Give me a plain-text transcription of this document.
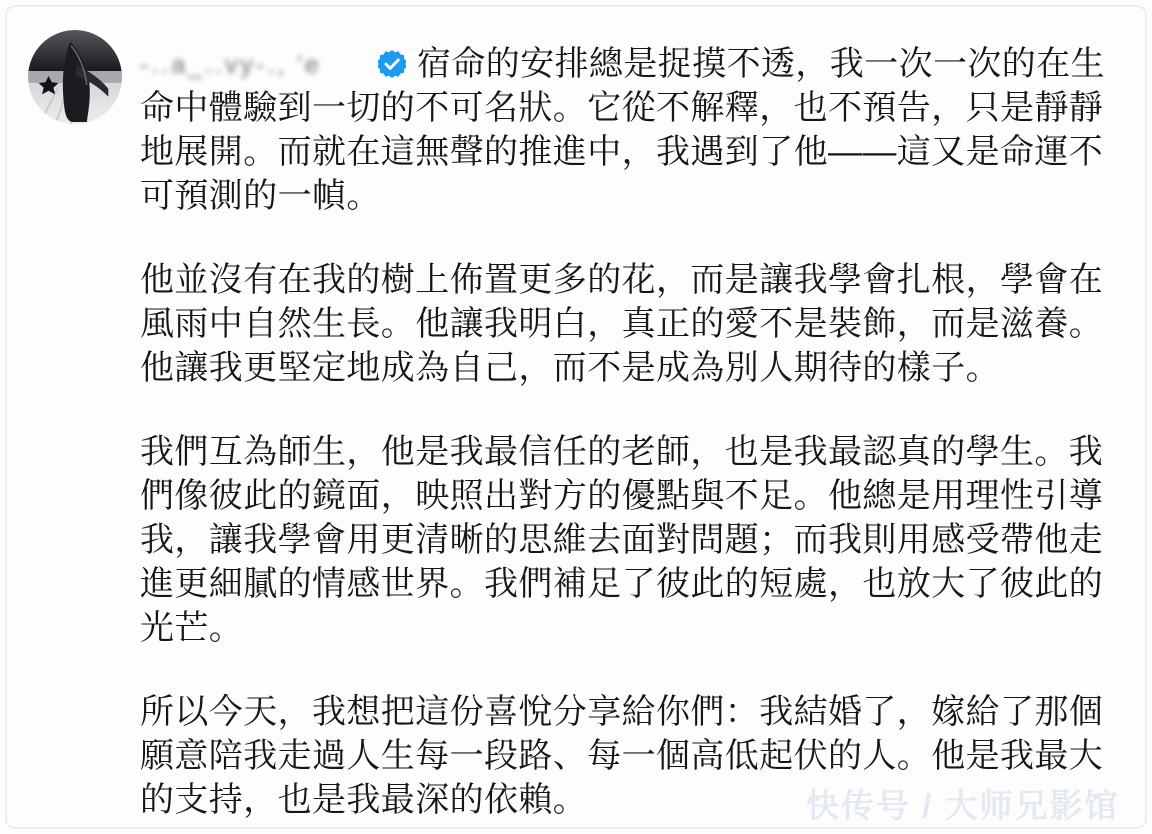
-..a_..vy-., 'e	宿命的安排總是捉摸不透，我一次一次的在生命中體驗到一切的不可名狀。它從不解釋，也不預告，只是靜靜地展開。而就在這無聲的推進中，我遇到了他——這又是命運不可預測的一幀。

他並沒有在我的樹上佈置更多的花，而是讓我學會扎根，學會在風雨中自然生長。他讓我明白，真正的愛不是裝飾，而是滋養。他讓我更堅定地成為自己，而不是成為別人期待的樣子。

我們互為師生，他是我最信任的老師，也是我最認真的學生。我們像彼此的鏡面，映照出對方的優點與不足。他總是用理性引導我，讓我學會用更清晰的思維去面對問題；而我則用感受帶他走進更細膩的情感世界。我們補足了彼此的短處，也放大了彼此的光芒。

所以今天，我想把這份喜悅分享給你們：我結婚了，嫁給了那個願意陪我走過人生每一段路、每一個高低起伏的人。他是我最大的支持，也是我最深的依賴。	快传号 / 大师兄影馆
